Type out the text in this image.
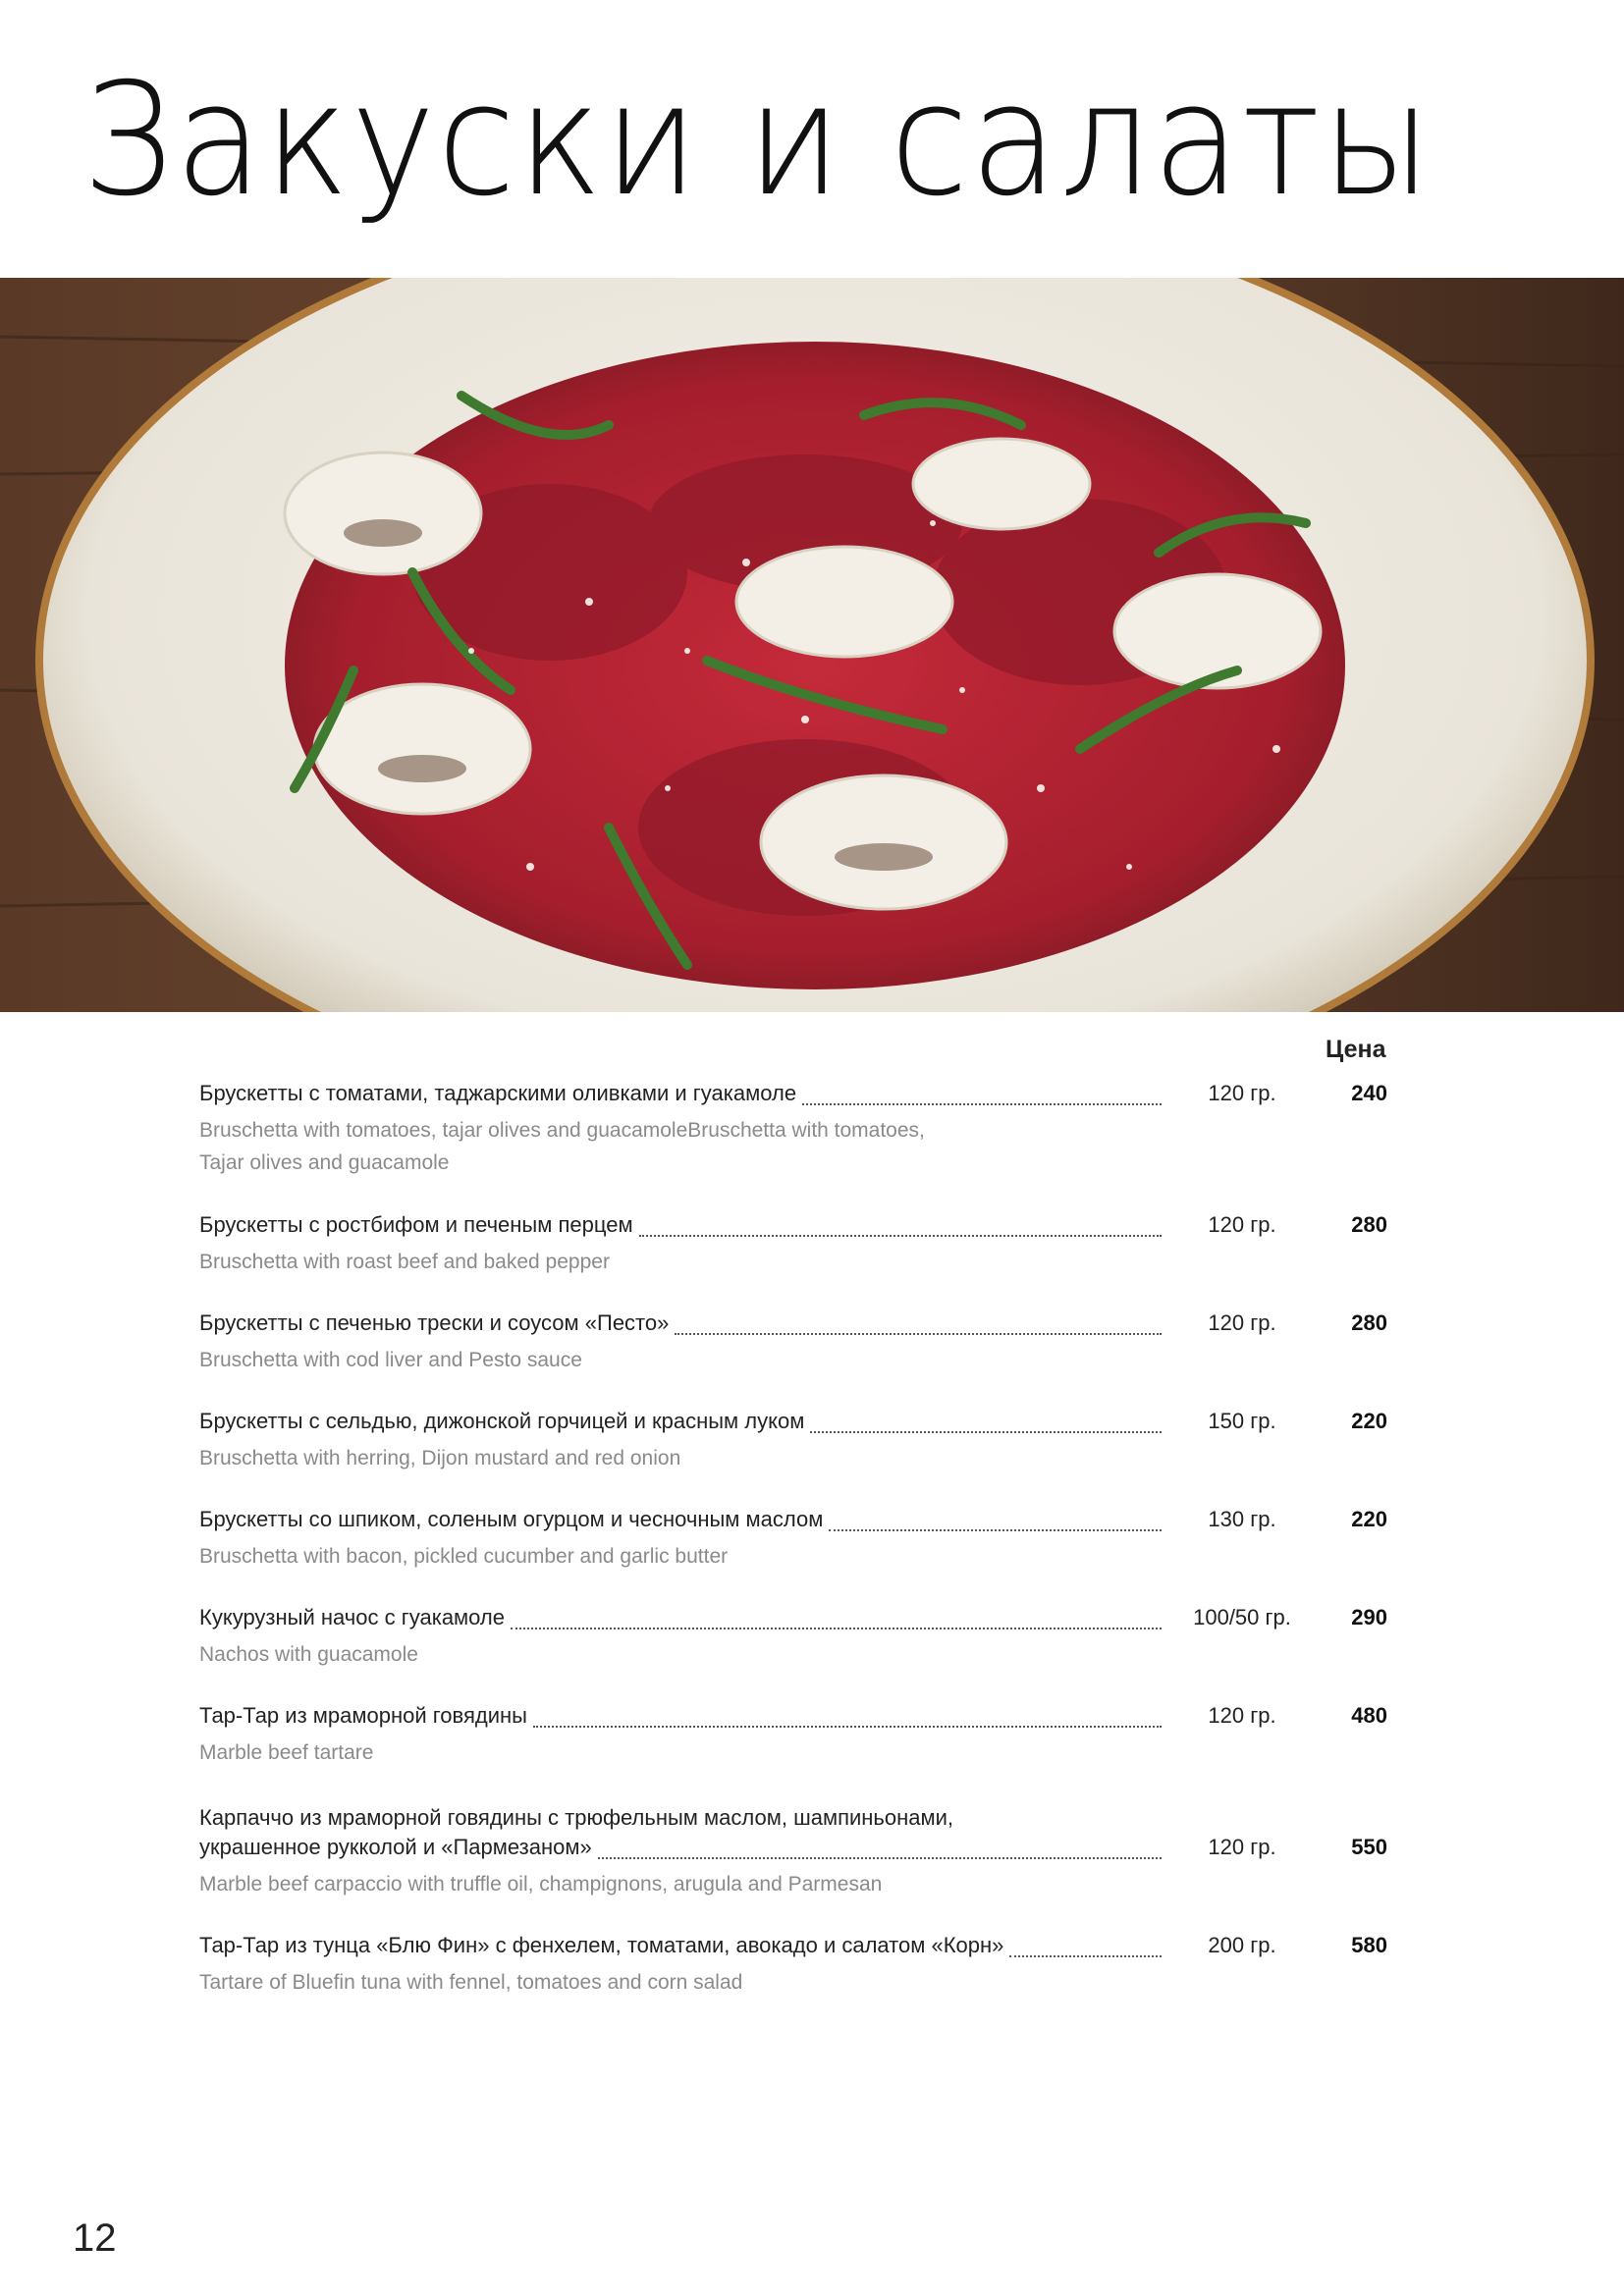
Закуски и салаты
Цена
Брускетты с томатами, таджарскими оливками и гуакамоле	120 гр.	240
Bruschetta with tomatoes, tajar olives and guacamoleBruschetta with tomatoes, Tajar olives and guacamole
Брускетты с ростбифом и печеным перцем	120 гр.	280
Bruschetta with roast beef and baked pepper
Брускетты с печенью трески и соусом «Песто»	120 гр.	280
Bruschetta with cod liver and Pesto sauce
Брускетты с сельдью, дижонской горчицей и красным луком	150 гр.	220
Bruschetta with herring, Dijon mustard and red onion
Брускетты со шпиком, соленым огурцом и чесночным маслом	130 гр.	220
Bruschetta with bacon, pickled cucumber and garlic butter
Кукурузный начос с гуакамоле	100/50 гр.	290
Nachos with guacamole
Тар-Тар из мраморной говядины	120 гр.	480
Marble beef tartare
Карпаччо из мраморной говядины с трюфельным маслом, шампиньонами,
украшенное рукколой и «Пармезаном»	120 гр.	550
Marble beef carpaccio with truffle oil, champignons, arugula and Parmesan
Тар-Тар из тунца «Блю Фин» с фенхелем, томатами, авокадо и салатом «Корн»	200 гр.	580
Tartare of Bluefin tuna with fennel, tomatoes and corn salad
12
